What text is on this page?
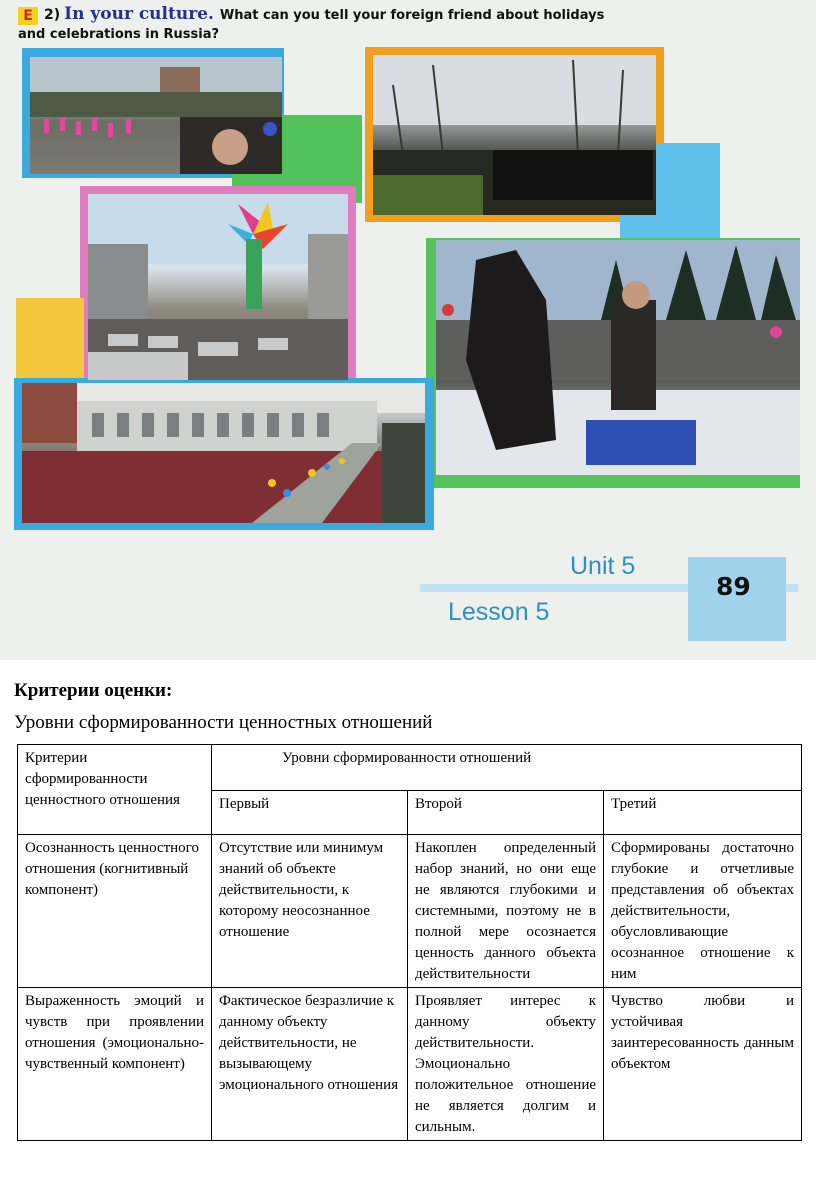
E 2) In your culture. What can you tell your foreign friend about holidays
and celebrations in Russia?
Unit 5
Lesson 5
89
Критерии оценки:
Уровни сформированности ценностных отношений
Критерии сформированности ценностного отношения	Уровни сформированности отношений		
	Первый	Второй	Третий
Осознанность ценностного отношения (когнитивный компонент)	Отсутствие или минимум знаний об объекте действительности, к которому неосознанное отношение	Накоплен определенный набор знаний, но они еще не являются глубокими и системными, поэтому не в полной мере осознается ценность данного объекта действительности	Сформированы достаточно глубокие и отчетливые представления об объектах действительности, обусловливающие осознанное отношение к ним
Выраженность эмоций и чувств при проявлении отношения (эмоционально-чувственный компонент)	Фактическое безразличие к данному объекту действительности, не вызывающему эмоционального отношения	Проявляет интерес к данному объекту действительности. Эмоционально положительное отношение не является долгим и сильным.	Чувство любви и устойчивая заинтересованность данным объектом
